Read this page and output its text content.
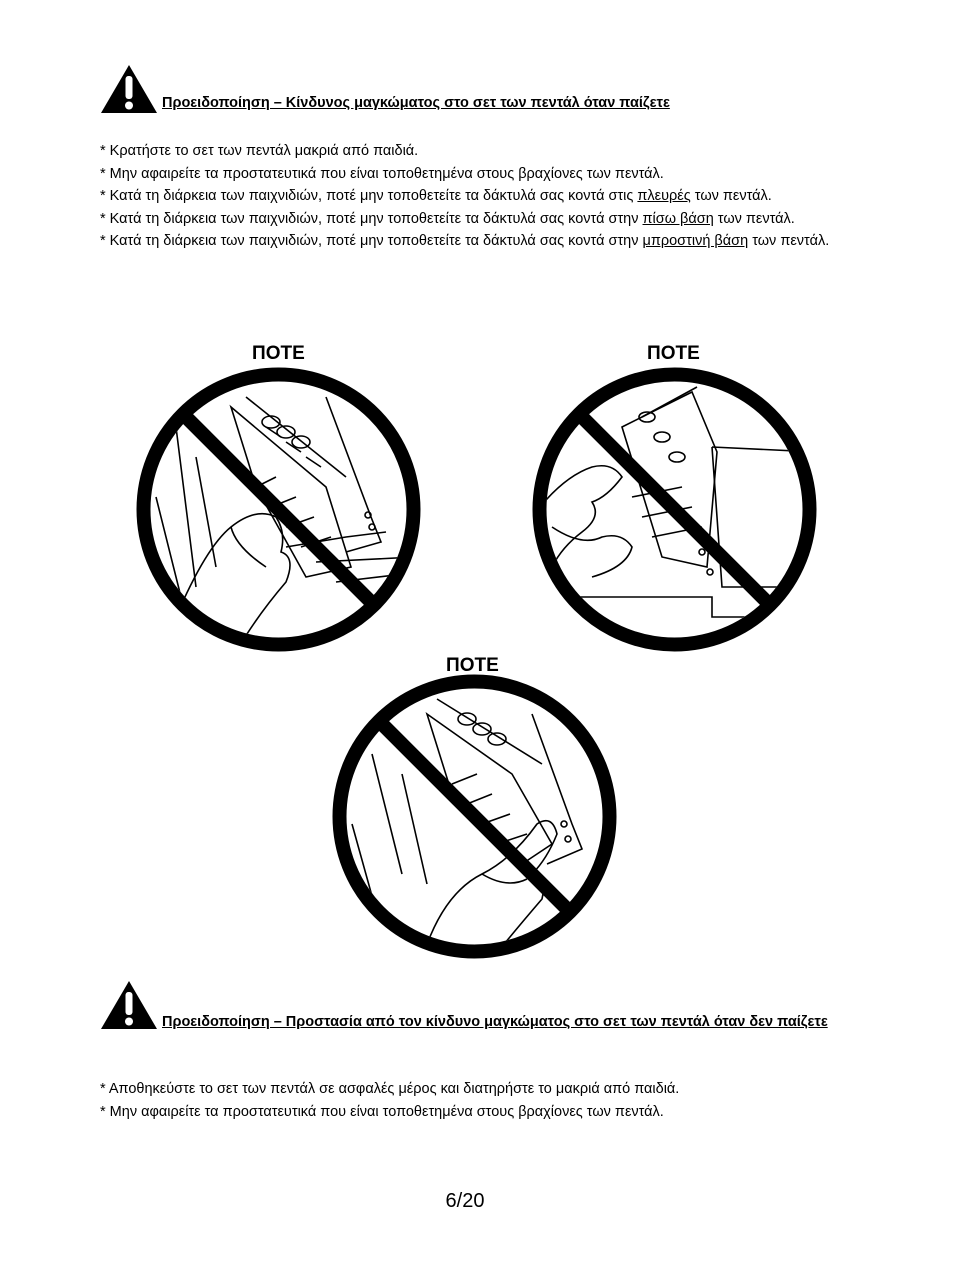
Προειδοποίηση – Κίνδυνος μαγκώματος στο σετ των πεντάλ όταν παίζετε

* Κρατήστε το σετ των πεντάλ μακριά από παιδιά.

* Μην αφαιρείτε τα προστατευτικά που είναι τοποθετημένα στους βραχίονες των πεντάλ.

* Κατά τη διάρκεια των παιχνιδιών, ποτέ μην τοποθετείτε τα δάκτυλά σας κοντά στις πλευρές των πεντάλ.

* Κατά τη διάρκεια των παιχνιδιών, ποτέ μην τοποθετείτε τα δάκτυλά σας κοντά στην πίσω βάση των πεντάλ.

* Κατά τη διάρκεια των παιχνιδιών, ποτέ μην τοποθετείτε τα δάκτυλά σας κοντά στην μπροστινή βάση των πεντάλ.

ΠΟΤΕ	ΠΟΤΕ
ΠΟΤΕ
Προειδοποίηση – Προστασία από τον κίνδυνο μαγκώματος στο σετ των πεντάλ όταν δεν παίζετε

* Αποθηκεύστε το σετ των πεντάλ σε ασφαλές μέρος και διατηρήστε το μακριά από παιδιά.

* Μην αφαιρείτε τα προστατευτικά που είναι τοποθετημένα στους βραχίονες των πεντάλ.

6/20
